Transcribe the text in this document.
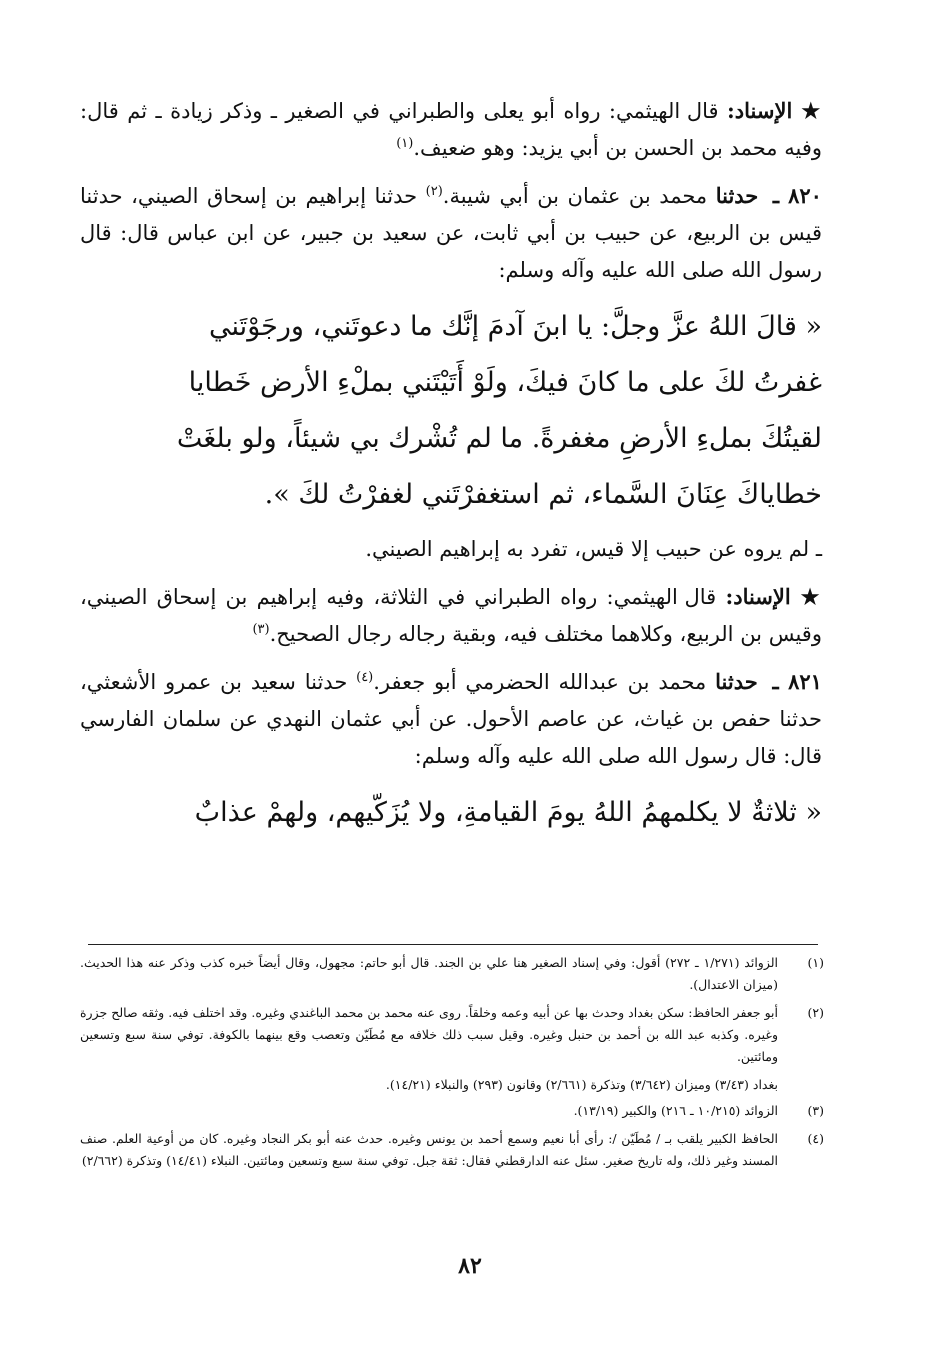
★ الإسناد: قال الهيثمي: رواه أبو يعلى والطبراني في الصغير ـ وذكر زيادة ـ ثم قال: وفيه محمد بن الحسن بن أبي يزيد: وهو ضعيف.$^{(١)}$

٨٢٠ ـ حدثنا محمد بن عثمان بن أبي شيبة.$^{(٢)}$ حدثنا إبراهيم بن إسحاق الصيني، حدثنا قيس بن الربيع، عن حبيب بن أبي ثابت، عن سعيد بن جبير، عن ابن عباس قال: قال رسول الله صلى الله عليه وآله وسلم:

« قالَ اللهُ عزَّ وجلَّ: يا ابنَ آدمَ إنَّك ما دعوتَني، ورجَوْتَني
غفرتُ لكَ على ما كانَ فيكَ، ولَوْ أَتَيْتَني بملْءِ الأرض خَطايا
لقيتُكَ بملءِ الأرضِ مغفرةً. ما لم تُشْرك بي شيئاً، ولو بلغَتْ
خطاياكَ عِنَانَ السَّماء، ثم استغفرْتَني لغفرْتُ لكَ ».

ـ لم يروه عن حبيب إلا قيس، تفرد به إبراهيم الصيني.

★ الإسناد: قال الهيثمي: رواه الطبراني في الثلاثة، وفيه إبراهيم بن إسحاق الصيني، وقيس بن الربيع، وكلاهما مختلف فيه، وبقية رجاله رجال الصحيح.$^{(٣)}$

٨٢١ ـ حدثنا محمد بن عبدالله الحضرمي أبو جعفر.$^{(٤)}$ حدثنا سعيد بن عمرو الأشعثي، حدثنا حفص بن غياث، عن عاصم الأحول. عن أبي عثمان النهدي عن سلمان الفارسي قال: قال رسول الله صلى الله عليه وآله وسلم:

« ثلاثةٌ لا يكلمهمُ اللهُ يومَ القيامةِ، ولا يُزَكّيهم، ولهمْ عذابٌ
(١)
الزوائد (١/٢٧١ ـ ٢٧٢) أقول: وفي إسناد الصغير هنا علي بن الجند. قال أبو حاتم: مجهول، وقال أيضاً خبره كذب وذكر عنه هذا الحديث. (ميزان الاعتدال).
(٢)
أبو جعفر الحافظ: سكن بغداد وحدث بها عن أبيه وعمه وخلقاً. روى عنه محمد بن محمد الباغندي وغيره. وقد اختلف فيه. وثقه صالح جزرة وغيره. وكذبه عبد الله بن أحمد بن حنبل وغيره. وقيل سبب ذلك خلافه مع مُطَيّن وتعصب وقع بينهما بالكوفة. توفي سنة سبع وتسعين ومائتين.
بغداد (٣/٤٣) وميزان (٣/٦٤٢) وتذكرة (٢/٦٦١) وقانون (٢٩٣) والنبلاء (١٤/٢١).
(٣)
الزوائد (١٠/٢١٥ ـ ٢١٦) والكبير (١٣/١٩).
(٤)
الحافظ الكبير يلقب بـ / مُطَيّن /: رأى أبا نعيم وسمع أحمد بن يونس وغيره. حدث عنه أبو بكر النجاد وغيره. كان من أوعية العلم. صنف المسند وغير ذلك، وله تاريخ صغير. سئل عنه الدارقطني فقال: ثقة جبل. توفي سنة سبع وتسعين ومائتين. النبلاء (١٤/٤١) وتذكرة (٢/٦٦٢)
٨٢
